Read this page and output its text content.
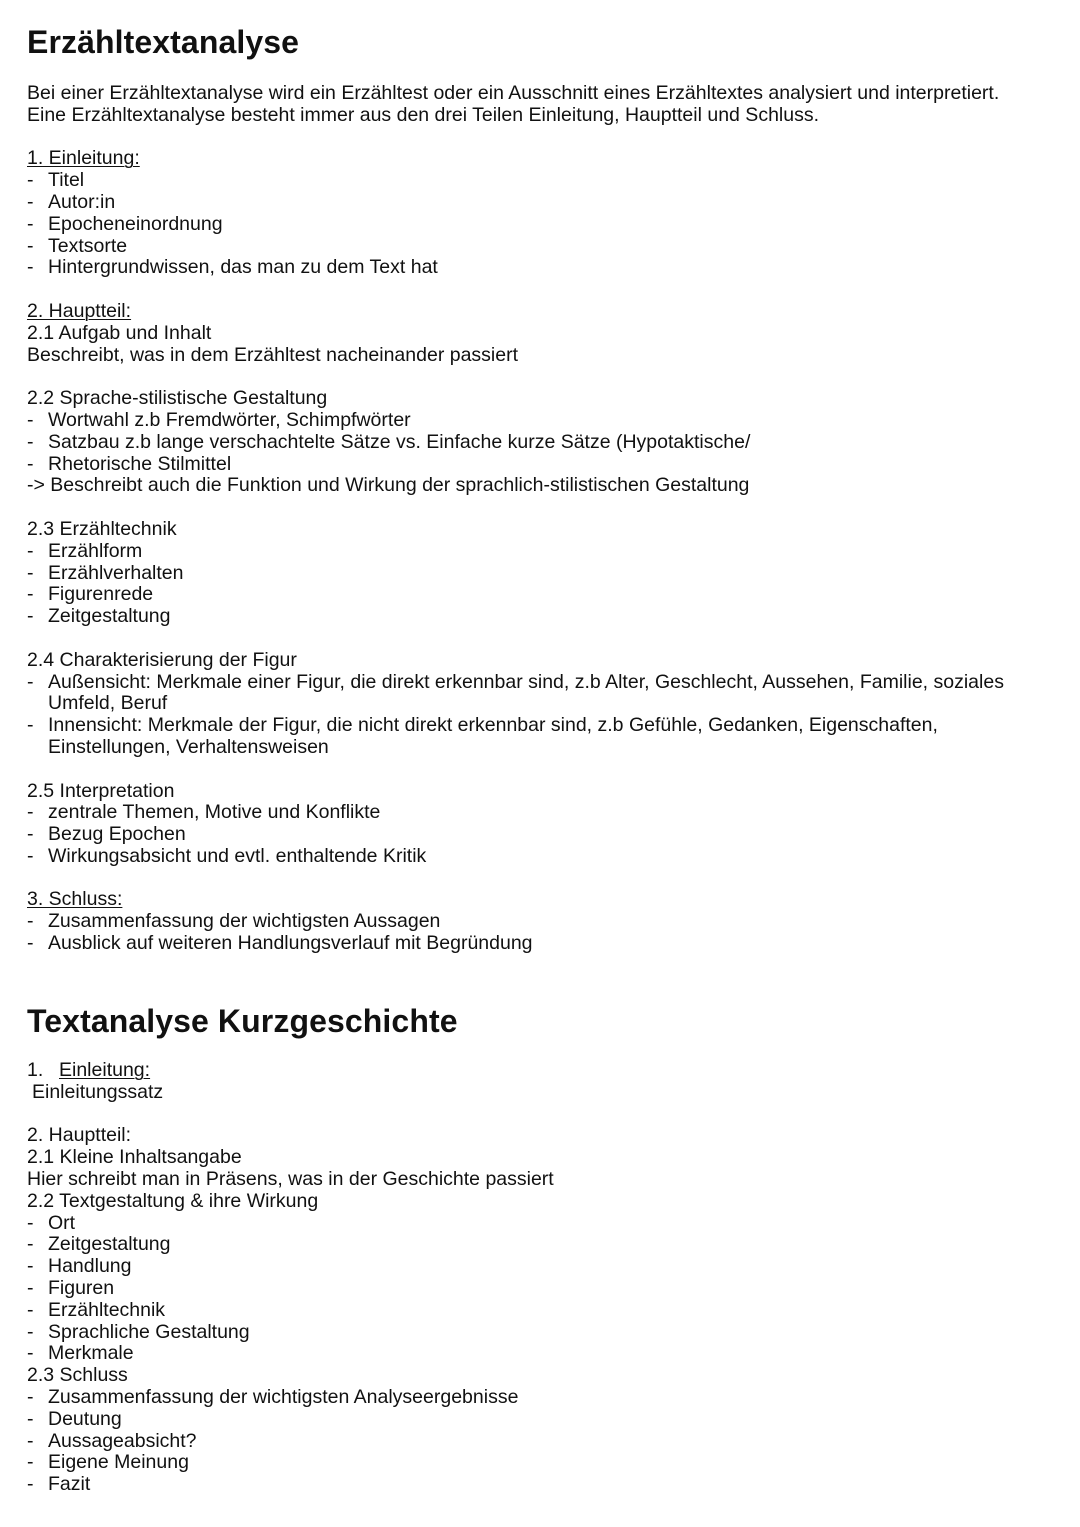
Erzähltextanalyse
Bei einer Erzähltextanalyse wird ein Erzähltest oder ein Ausschnitt eines Erzähltextes analysiert und interpretiert.
Eine Erzähltextanalyse besteht immer aus den drei Teilen Einleitung, Hauptteil und Schluss.
1. Einleitung:
- Titel
- Autor:in
- Epocheneinordnung
- Textsorte
- Hintergrundwissen, das man zu dem Text hat
2. Hauptteil:
2.1 Aufgab und Inhalt
Beschreibt, was in dem Erzähltest nacheinander passiert
2.2 Sprache-stilistische Gestaltung
- Wortwahl z.b Fremdwörter, Schimpfwörter
- Satzbau z.b lange verschachtelte Sätze vs. Einfache kurze Sätze (Hypotaktische/
- Rhetorische Stilmittel
-> Beschreibt auch die Funktion und Wirkung der sprachlich-stilistischen Gestaltung
2.3 Erzähltechnik
- Erzählform
- Erzählverhalten
- Figurenrede
- Zeitgestaltung
2.4 Charakterisierung der Figur
- Außensicht: Merkmale einer Figur, die direkt erkennbar sind, z.b Alter, Geschlecht, Aussehen, Familie, soziales
Umfeld, Beruf
- Innensicht: Merkmale der Figur, die nicht direkt erkennbar sind, z.b Gefühle, Gedanken, Eigenschaften,
Einstellungen, Verhaltensweisen
2.5 Interpretation
- zentrale Themen, Motive und Konflikte
- Bezug Epochen
- Wirkungsabsicht und evtl. enthaltende Kritik
3. Schluss:
- Zusammenfassung der wichtigsten Aussagen
- Ausblick auf weiteren Handlungsverlauf mit Begründung
Textanalyse Kurzgeschichte
1. Einleitung:
Einleitungssatz
2. Hauptteil:
2.1 Kleine Inhaltsangabe
Hier schreibt man in Präsens, was in der Geschichte passiert
2.2 Textgestaltung & ihre Wirkung
- Ort
- Zeitgestaltung
- Handlung
- Figuren
- Erzähltechnik
- Sprachliche Gestaltung
- Merkmale
2.3 Schluss
- Zusammenfassung der wichtigsten Analyseergebnisse
- Deutung
- Aussageabsicht?
- Eigene Meinung
- Fazit
